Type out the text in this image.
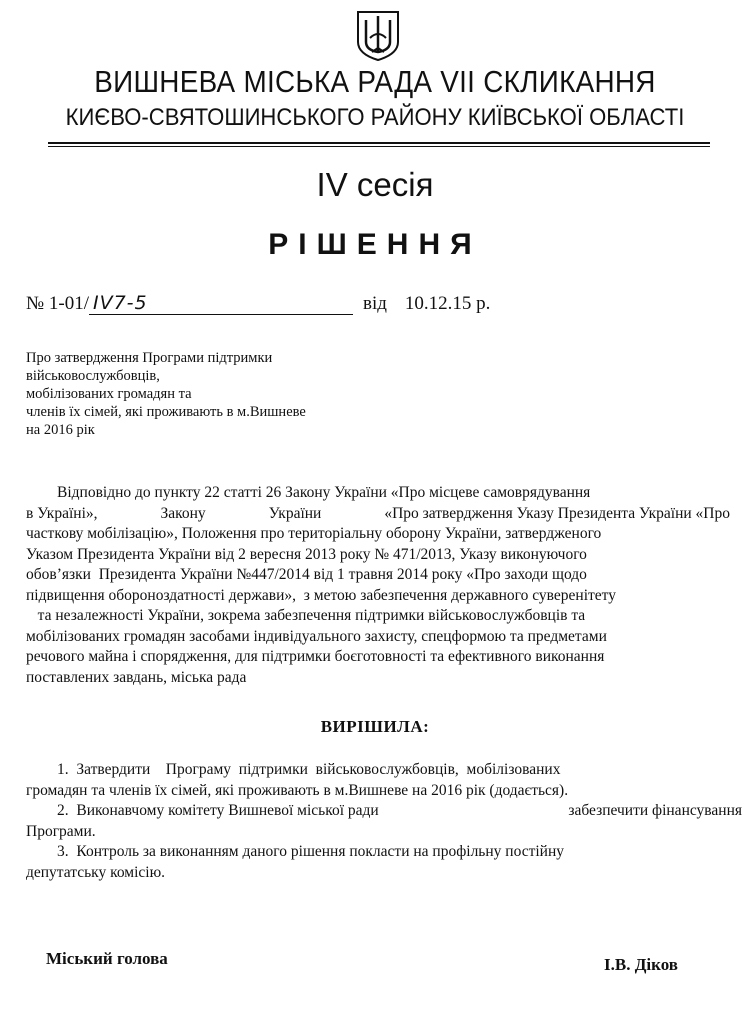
ВИШНЕВА МІСЬКА РАДА VII СКЛИКАННЯ
КИЄВО-СВЯТОШИНСЬКОГО РАЙОНУ КИЇВСЬКОЇ ОБЛАСТІ
IV сесія
РІШЕННЯ
№ 1-01/ IV7-5	від 10.12.15 р.
Про затвердження Програми підтримки
військовослужбовців,
мобілізованих громадян та
членів їх сімей, які проживають в м.Вишневе
на 2016 рік
Відповідно до пункту 22 статті 26 Закону України «Про місцеве самоврядування
в Україні»,	Закону	України	«Про затвердження Указу Президента України «Про
часткову мобілізацію», Положення про територіальну оборону України, затвердженого
Указом Президента України від 2 вересня 2013 року № 471/2013, Указу виконуючого
обов’язки  Президента України №447/2014 від 1 травня 2014 року «Про заходи щодо
підвищення обороноздатності держави»,  з метою забезпечення державного суверенітету
та незалежності України, зокрема забезпечення підтримки військовослужбовців та
мобілізованих громадян засобами індивідуального захисту, спецформою та предметами
речового майна і спорядження, для підтримки боєготовності та ефективного виконання
поставлених завдань, міська рада
ВИРІШИЛА:
1.  Затвердити    Програму  підтримки  військовослужбовців,  мобілізованих
громадян та членів їх сімей, які проживають в м.Вишневе на 2016 рік (додається).
2.  Виконавчому комітету Вишневої міської ради	забезпечити фінансування
Програми.
3.  Контроль за виконанням даного рішення покласти на профільну постійну
депутатську комісію.
Міський голова	І.В. Діков
